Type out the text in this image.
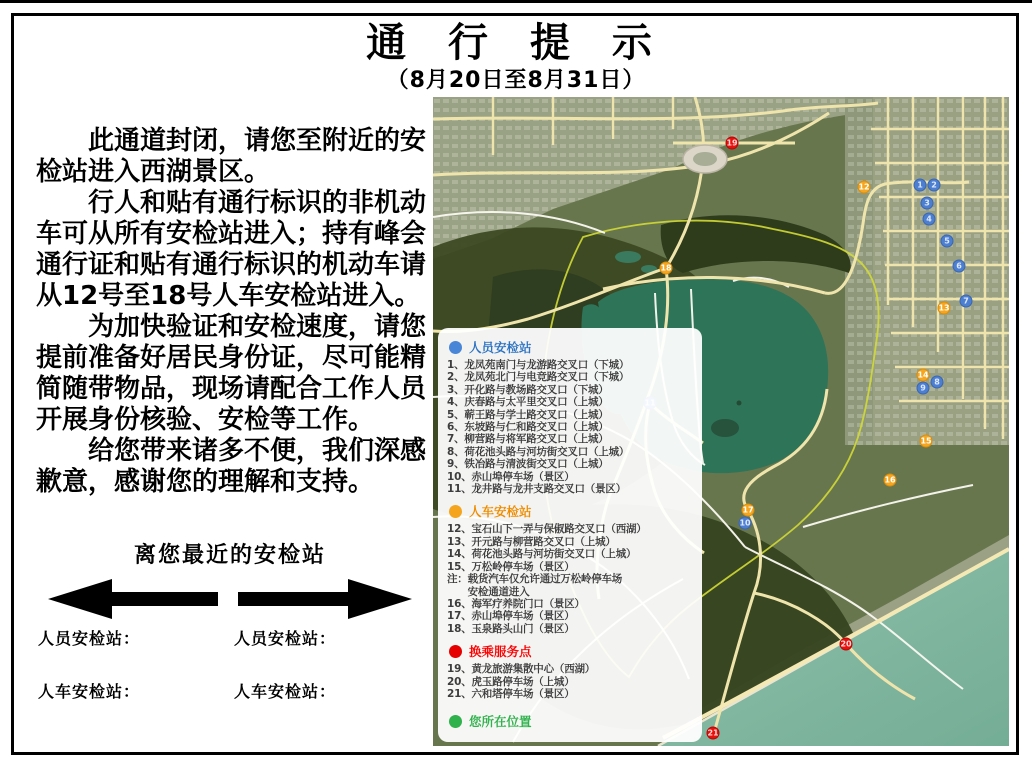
通 行 提 示
（8月20日至8月31日）

此通道封闭，请您至附近的安检站进入西湖景区。

行人和贴有通行标识的非机动车可从所有安检站进入；持有峰会通行证和贴有通行标识的机动车请从12号至18号人车安检站进入。

为加快验证和安检速度，请您提前准备好居民身份证，尽可能精简随带物品，现场请配合工作人员开展身份核验、安检等工作。

给您带来诸多不便，我们深感歉意，感谢您的理解和支持。

离您最近的安检站
人员安检站：	人员安检站：
人车安检站：	人车安检站：
1	2
3
4
5
6
7
8
9
10
12
13
14
15
16
17
18
19
20
21
人员安检站
1、龙凤苑南门与龙游路交叉口（下城）
2、龙凤苑北门与电竞路交叉口（下城）
3、开化路与教场路交叉口（下城）
4、庆春路与太平里交叉口（上城）
5、蕲王路与学士路交叉口（上城）
6、东坡路与仁和路交叉口（上城）
7、柳营路与将军路交叉口（上城）
8、荷花池头路与河坊街交叉口（上城）
9、铁冶路与清波街交叉口（上城）
10、赤山埠停车场（景区）
11、龙井路与龙井支路交叉口（景区）
人车安检站
12、宝石山下一弄与保俶路交叉口（西湖）
13、开元路与柳营路交叉口（上城）
14、荷花池头路与河坊街交叉口（上城）
15、万松岭停车场（景区）
注：载货汽车仅允许通过万松岭停车场
　　安检通道进入
16、海军疗养院门口（景区）
17、赤山埠停车场（景区）
18、玉泉路头山门（景区）
换乘服务点
19、黄龙旅游集散中心（西湖）
20、虎玉路停车场（上城）
21、六和塔停车场（景区）
您所在位置
